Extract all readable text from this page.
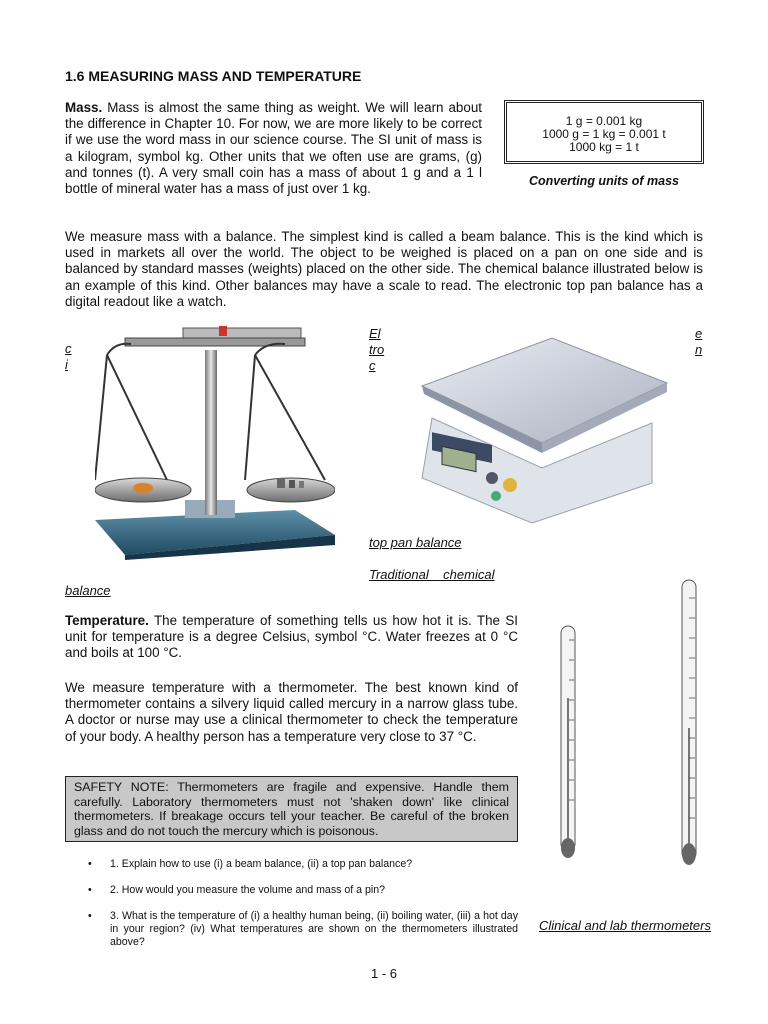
1.6 MEASURING MASS AND TEMPERATURE
Mass. Mass is almost the same thing as weight. We will learn about the difference in Chapter 10. For now, we are more likely to be correct if we use the word mass in our science course. The SI unit of mass is a kilogram, symbol kg. Other units that we often use are grams, (g) and tonnes (t). A very small coin has a mass of about 1 g and a 1 l bottle of mineral water has a mass of just over 1 kg.
1 g = 0.001 kg
1000 g = 1 kg = 0.001 t
1000 kg = 1 t
Converting units of mass
We measure mass with a balance. The simplest kind is called a beam balance. This is the kind which is used in markets all over the world. The object to be weighed is placed on a pan on one side and is balanced by standard masses (weights) placed on the other side. The chemical balance illustrated below is an example of this kind. Other balances may have a scale to read. The electronic top pan balance has a digital readout like a watch.
c
i
El
tro
c
e
n
top pan balance
Traditional    chemical
balance
Temperature. The temperature of something tells us how hot it is. The SI unit for temperature is a degree Celsius, symbol °C. Water freezes at 0 °C and boils at 100 °C.
We measure temperature with a thermometer. The best known kind of thermometer contains a silvery liquid called mercury in a narrow glass tube. A doctor or nurse may use a clinical thermometer to check the temperature of your body. A healthy person has a temperature very close to 37 °C.
Clinical and lab thermometers
SAFETY NOTE: Thermometers are fragile and expensive. Handle them carefully. Laboratory thermometers must not 'shaken down' like clinical thermometers. If breakage occurs tell your teacher. Be careful of the broken glass and do not touch the mercury which is poisonous.
• 1. Explain how to use (i) a beam balance, (ii) a top pan balance?
• 2. How would you measure the volume and mass of a pin?
• 3. What is the temperature of (i) a healthy human being, (ii) boiling water, (iii) a hot day in your region? (iv) What temperatures are shown on the thermometers illustrated above?
1 - 6
